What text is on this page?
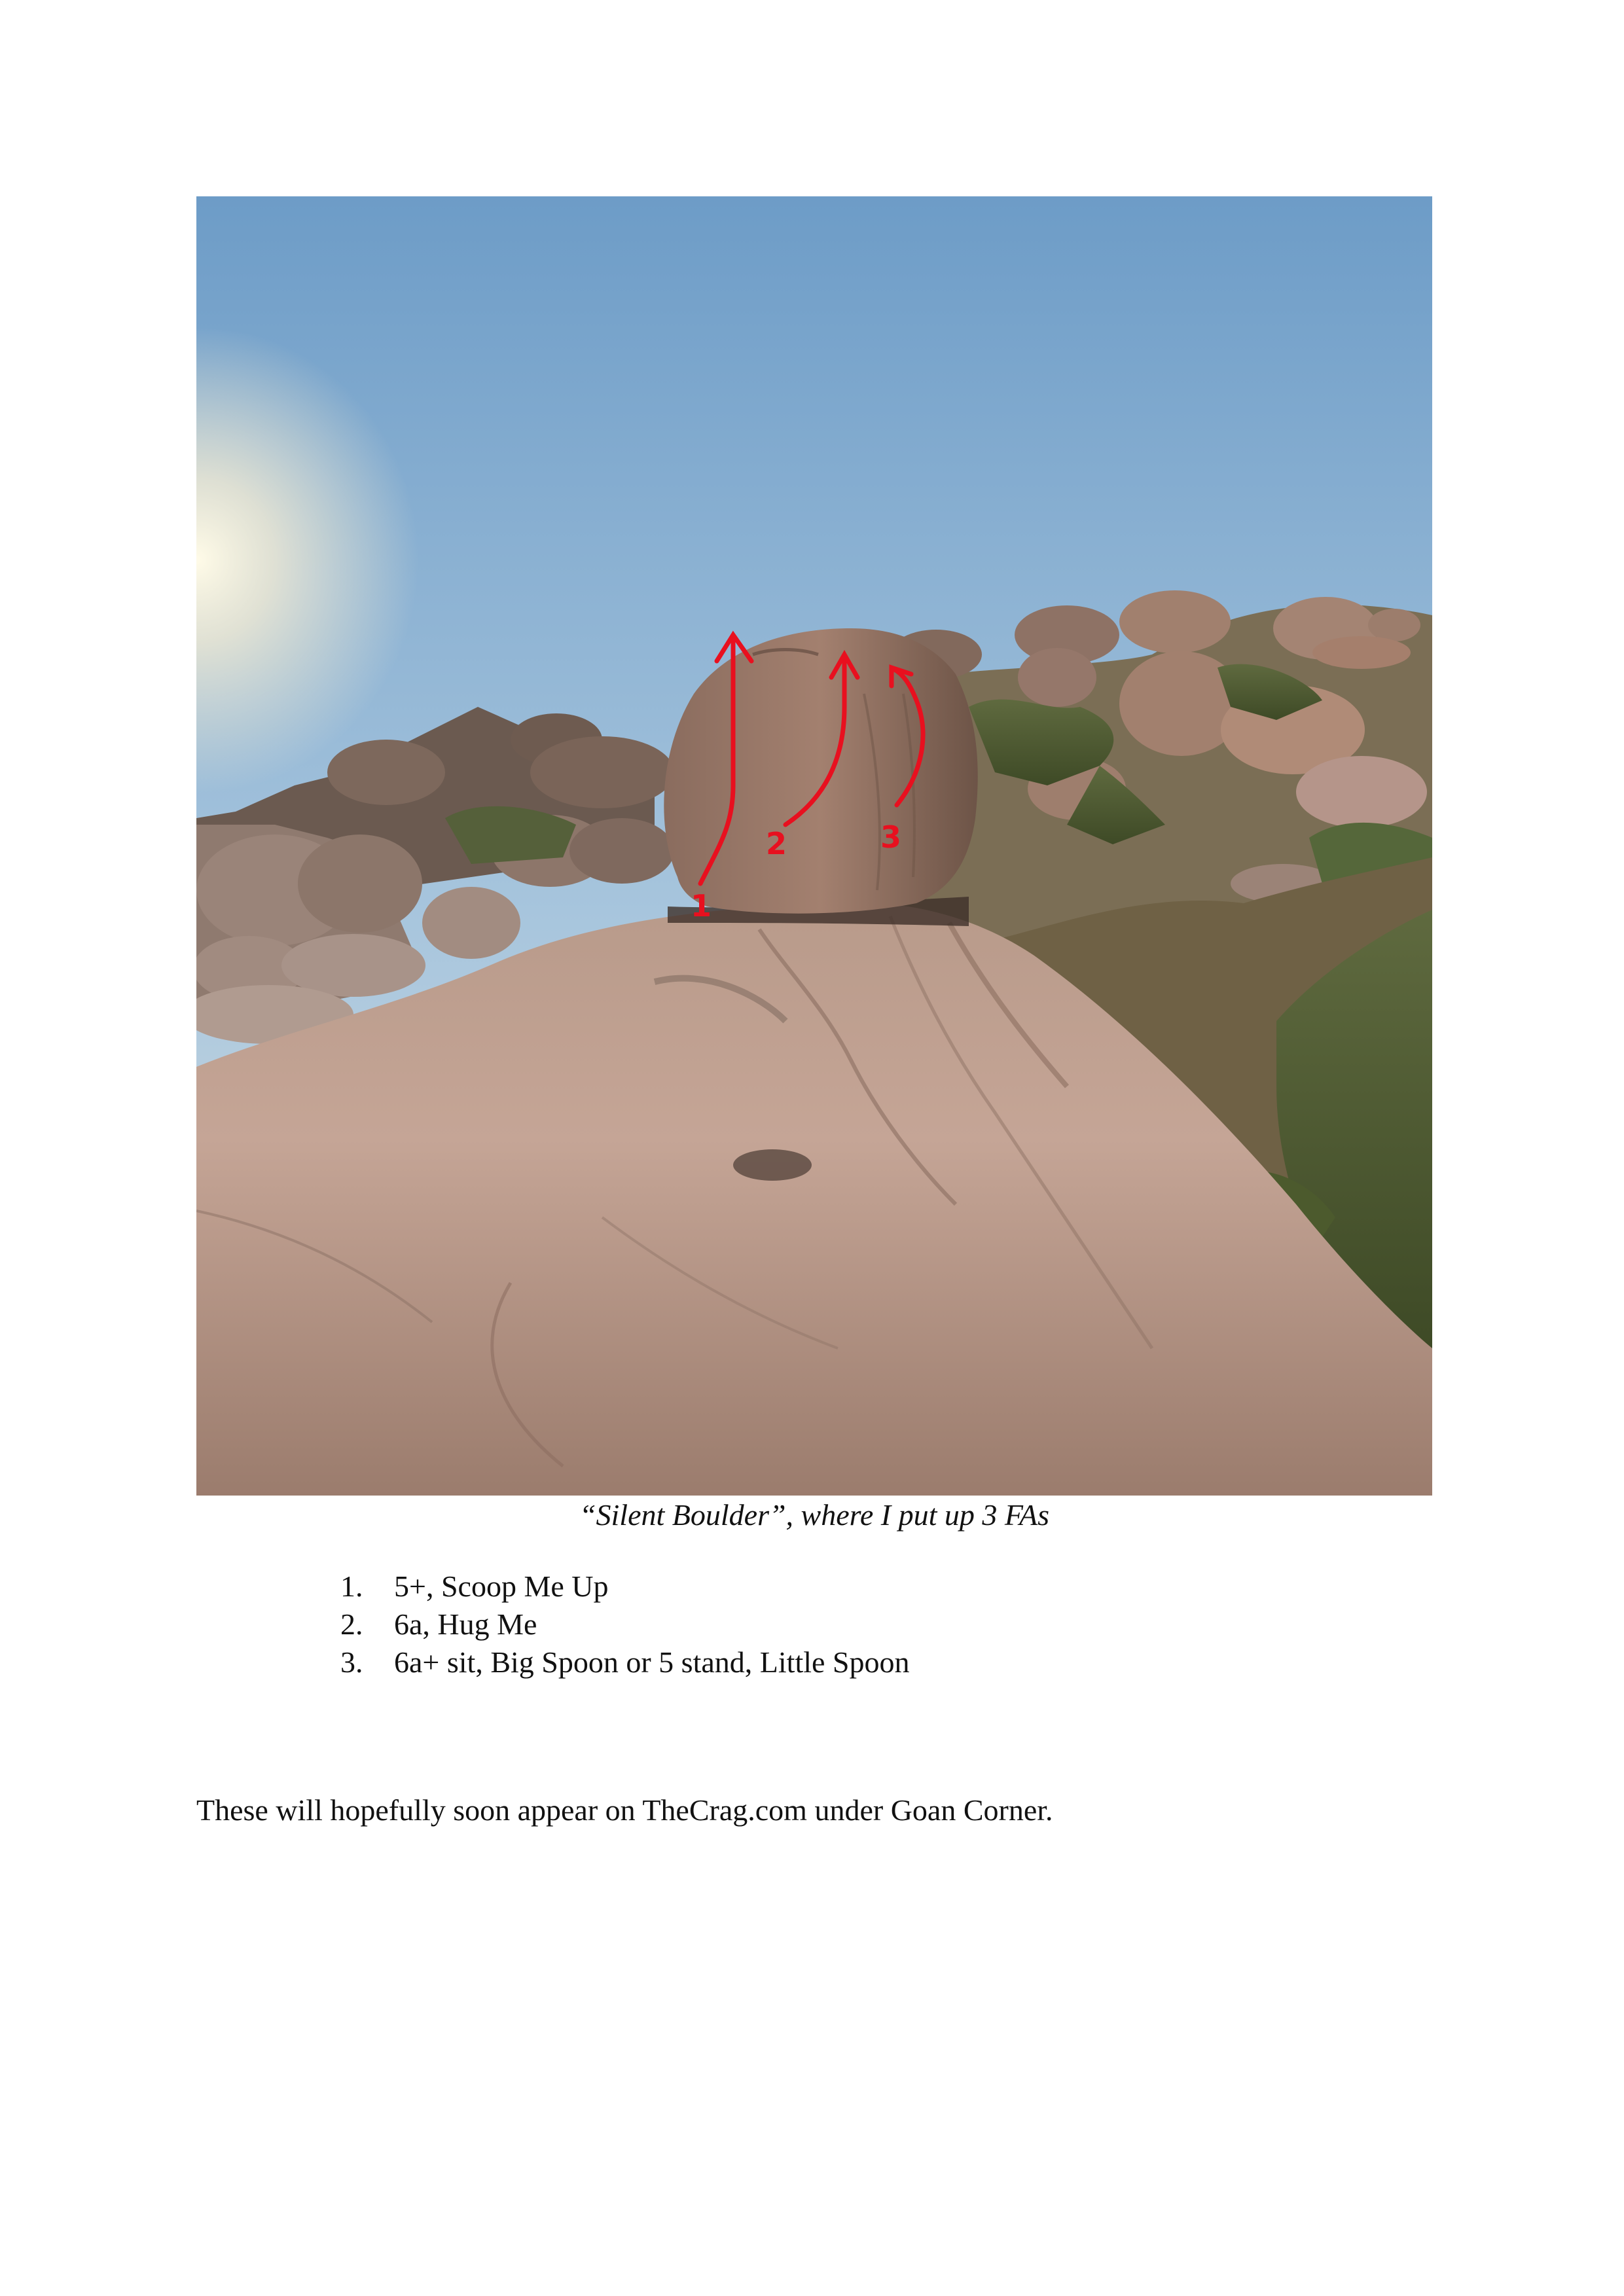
1
2	3
“Silent Boulder”, where I put up 3 FAs
1.	5+, Scoop Me Up
2.	6a, Hug Me
3.	6a+ sit, Big Spoon or 5 stand, Little Spoon

These will hopefully soon appear on TheCrag.com under Goan Corner.
